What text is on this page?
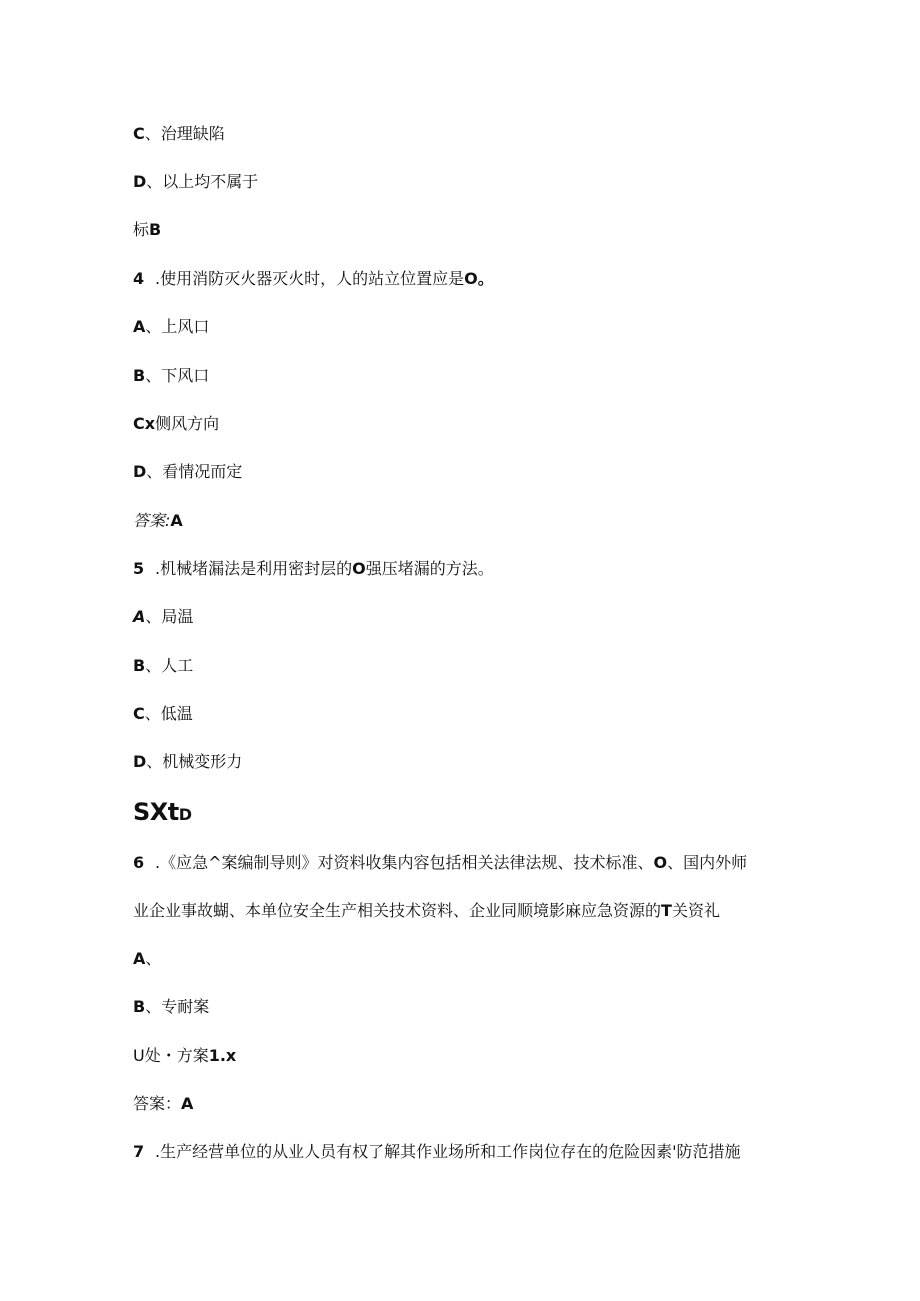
C、治理缺陷
D、以上均不属于
标B
4 .使用消防灭火器灭火时，人的站立位置应是O。
A、上风口
B、下风口
Cx侧风方向
D、看情况而定
答案:A
5 .机械堵漏法是利用密封层的O强压堵漏的方法。
A、局温
B、人工
C、低温
D、机械变形力
SXtD
6 .《应急^案编制导则》对资料收集内容包括相关法律法规、技术标准、O、国内外师
业企业事故蝴、本单位安全生产相关技术资料、企业同顺境影麻应急资源的T关资礼
A、
B、专耐案
U处・方案1.x
答案：A
7 .生产经营单位的从业人员有权了解其作业场所和工作岗位存在的危险因素'防范措施
